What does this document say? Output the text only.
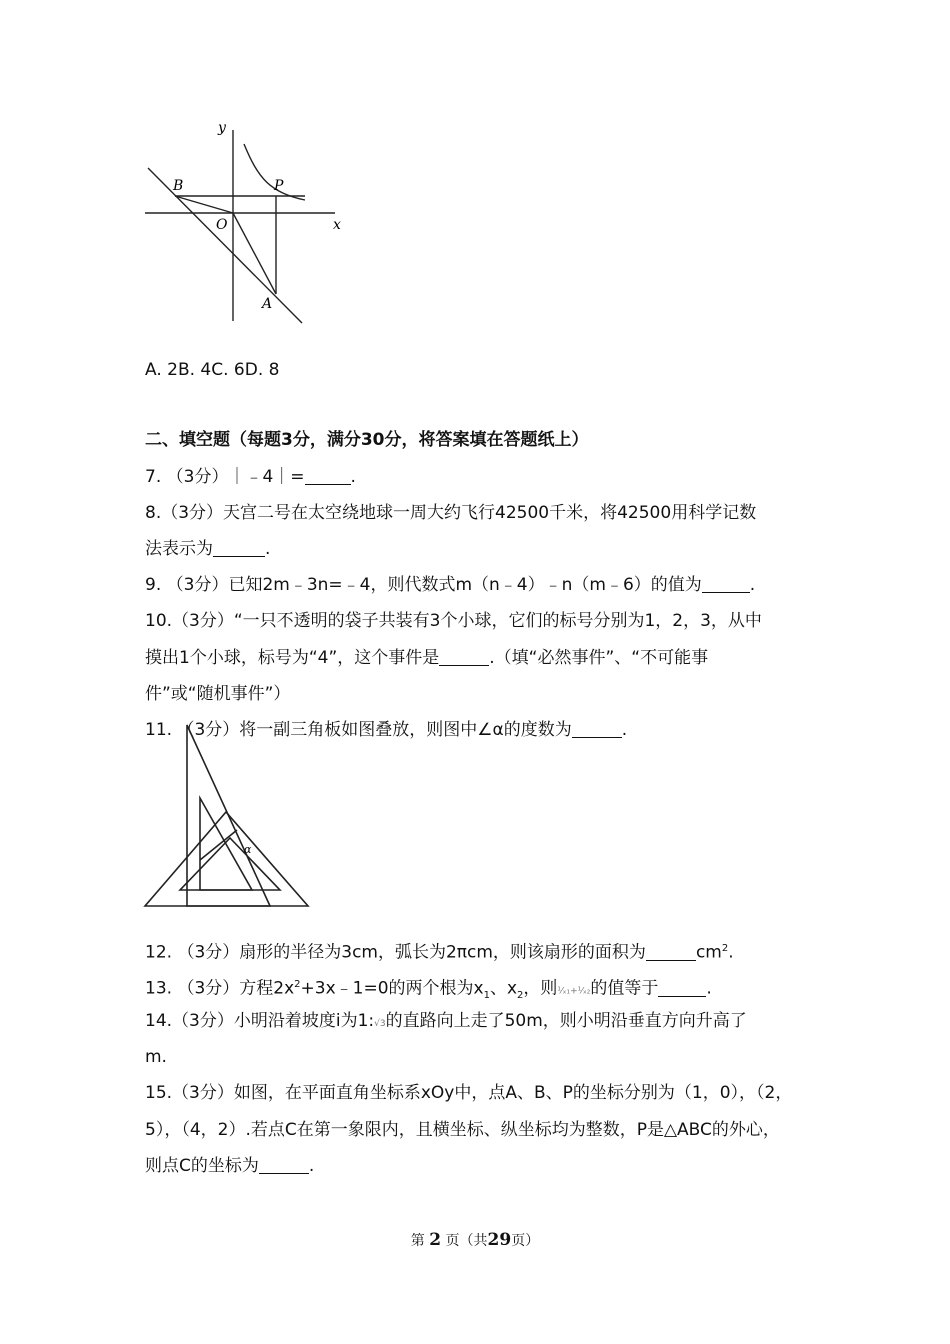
y
x
B	P
O
A
A. 2B. 4C. 6D. 8
二、填空题（每题3分，满分30分，将答案填在答题纸上）
7. （3分）｜﹣4｜=	.
8.（3分）天宫二号在太空绕地球一周大约飞行42500千米，将42500用科学记数
法表示为	.
9. （3分）已知2m﹣3n=﹣4，则代数式m（n﹣4）﹣n（m﹣6）的值为	.
10.（3分）“一只不透明的袋子共装有3个小球，它们的标号分别为1，2，3，从中
摸出1个小球，标号为“4”，这个事件是	.（填“必然事件”、“不可能事
件”或“随机事件”）
11. （3分）将一副三角板如图叠放，则图中∠α的度数为	.
α
12. （3分）扇形的半径为3cm，弧长为2πcm，则该扇形的面积为	$cm^2$.
13. （3分）方程$2x^2+3x﹣1=0$的两个根为$x_1$、$x_2$，则¹⁄ₓ₁+¹⁄ₓ₂的值等于	.
14.（3分）小明沿着坡度i为1:√3的直路向上走了50m，则小明沿垂直方向升高了
m.
15.（3分）如图，在平面直角坐标系xOy中，点A、B、P的坐标分别为（1，0），（2，
5），（4，2）.若点C在第一象限内，且横坐标、纵坐标均为整数，P是△ABC的外心，
则点C的坐标为	.
第 2 页（共29页）
